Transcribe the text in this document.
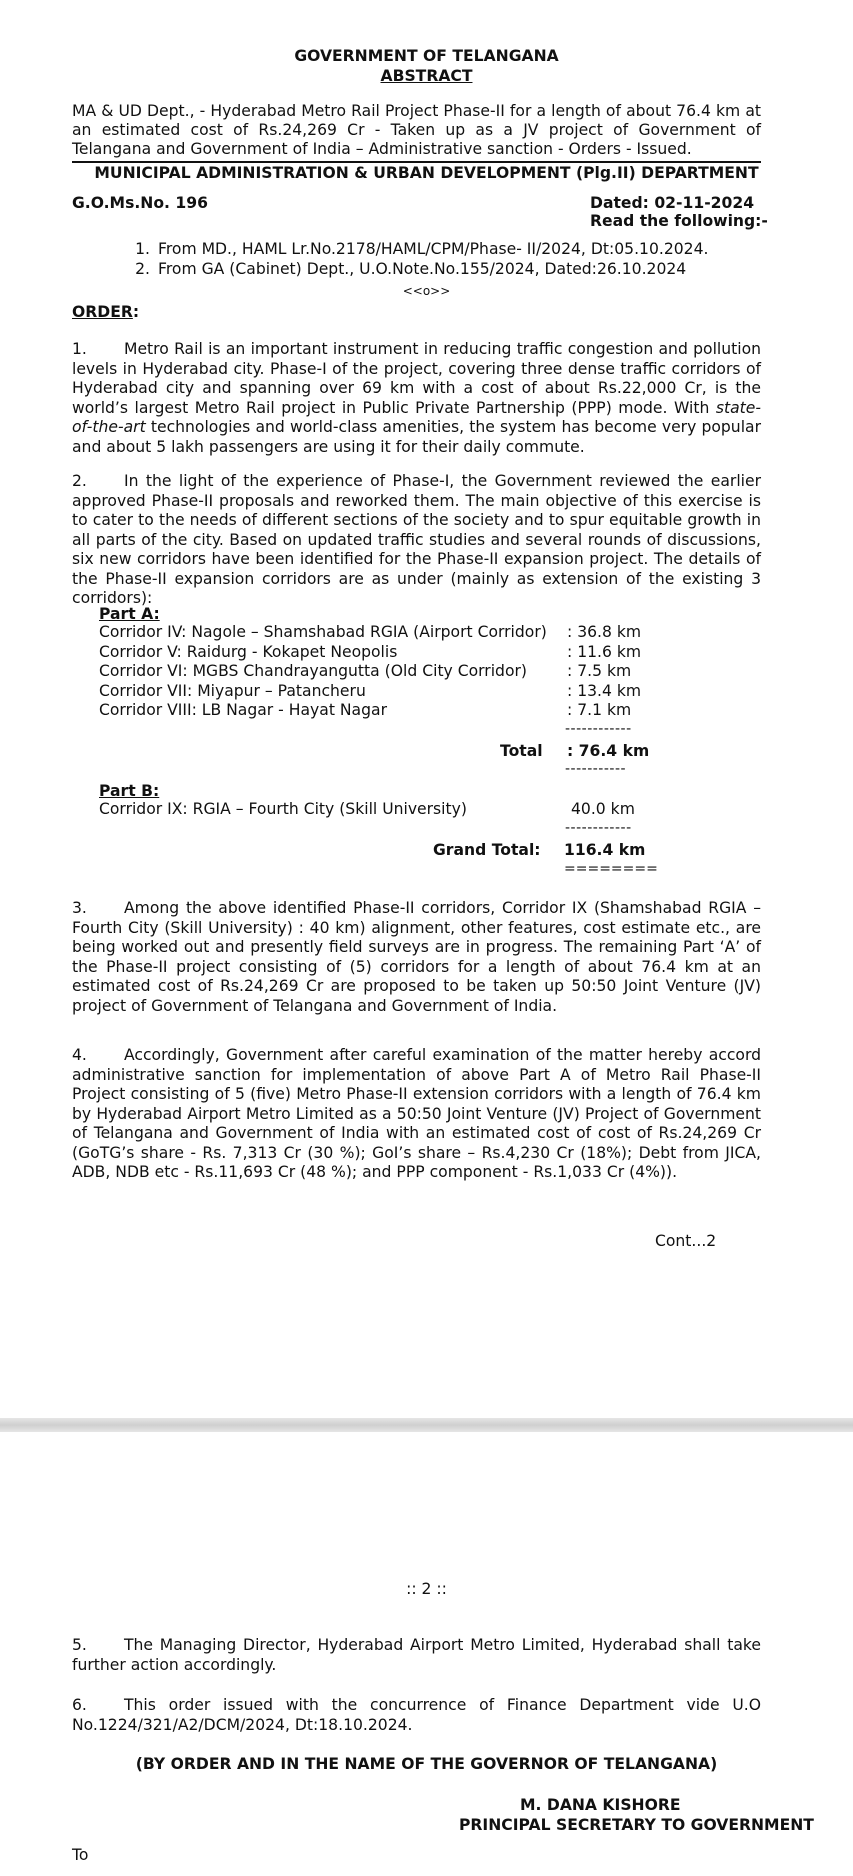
GOVERNMENT OF TELANGANA
ABSTRACT
MA & UD Dept., - Hyderabad Metro Rail Project Phase-II for a length of about 76.4 km at an estimated cost of Rs.24,269 Cr - Taken up as a JV project of Government of Telangana and Government of India – Administrative sanction - Orders - Issued.
MUNICIPAL ADMINISTRATION & URBAN DEVELOPMENT (Plg.II) DEPARTMENT
G.O.Ms.No. 196	Dated: 02-11-2024
Read the following:-
1. From MD., HAML Lr.No.2178/HAML/CPM/Phase- II/2024, Dt:05.10.2024.
2. From GA (Cabinet) Dept., U.O.Note.No.155/2024, Dated:26.10.2024
<<o>>
ORDER:
1. Metro Rail is an important instrument in reducing traffic congestion and pollution levels in Hyderabad city. Phase-I of the project, covering three dense traffic corridors of Hyderabad city and spanning over 69 km with a cost of about Rs.22,000 Cr, is the world’s largest Metro Rail project in Public Private Partnership (PPP) mode. With state-of-the-art technologies and world-class amenities, the system has become very popular and about 5 lakh passengers are using it for their daily commute.
2. In the light of the experience of Phase-I, the Government reviewed the earlier approved Phase-II proposals and reworked them. The main objective of this exercise is to cater to the needs of different sections of the society and to spur equitable growth in all parts of the city. Based on updated traffic studies and several rounds of discussions, six new corridors have been identified for the Phase-II expansion project. The details of the Phase-II expansion corridors are as under (mainly as extension of the existing 3 corridors):
Part A:
Corridor IV: Nagole – Shamshabad RGIA (Airport Corridor) : 36.8 km
Corridor V: Raidurg - Kokapet Neopolis	: 11.6 km
Corridor VI: MGBS Chandrayangutta (Old City Corridor)	: 7.5 km
Corridor VII: Miyapur – Patancheru	: 13.4 km
Corridor VIII: LB Nagar - Hayat Nagar	: 7.1 km
------------
Total : 76.4 km
-----------
Part B:
Corridor IX: RGIA – Fourth City (Skill University)	40.0 km
------------
Grand Total: 116.4 km
========
3. Among the above identified Phase-II corridors, Corridor IX (Shamshabad RGIA – Fourth City (Skill University) : 40 km) alignment, other features, cost estimate etc., are being worked out and presently field surveys are in progress. The remaining Part ‘A’ of the Phase-II project consisting of (5) corridors for a length of about 76.4 km at an estimated cost of Rs.24,269 Cr are proposed to be taken up 50:50 Joint Venture (JV) project of Government of Telangana and Government of India.
4. Accordingly, Government after careful examination of the matter hereby accord administrative sanction for implementation of above Part A of Metro Rail Phase-II Project consisting of 5 (five) Metro Phase-II extension corridors with a length of 76.4 km by Hyderabad Airport Metro Limited as a 50:50 Joint Venture (JV) Project of Government of Telangana and Government of India with an estimated cost of cost of Rs.24,269 Cr (GoTG’s share - Rs. 7,313 Cr (30 %); GoI’s share – Rs.4,230 Cr (18%); Debt from JICA, ADB, NDB etc - Rs.11,693 Cr (48 %); and PPP component - Rs.1,033 Cr (4%)).
Cont...2
:: 2 ::
5. The Managing Director, Hyderabad Airport Metro Limited, Hyderabad shall take further action accordingly.
6. This order issued with the concurrence of Finance Department vide U.O No.1224/321/A2/DCM/2024, Dt:18.10.2024.
(BY ORDER AND IN THE NAME OF THE GOVERNOR OF TELANGANA)
M. DANA KISHORE
PRINCIPAL SECRETARY TO GOVERNMENT
To
